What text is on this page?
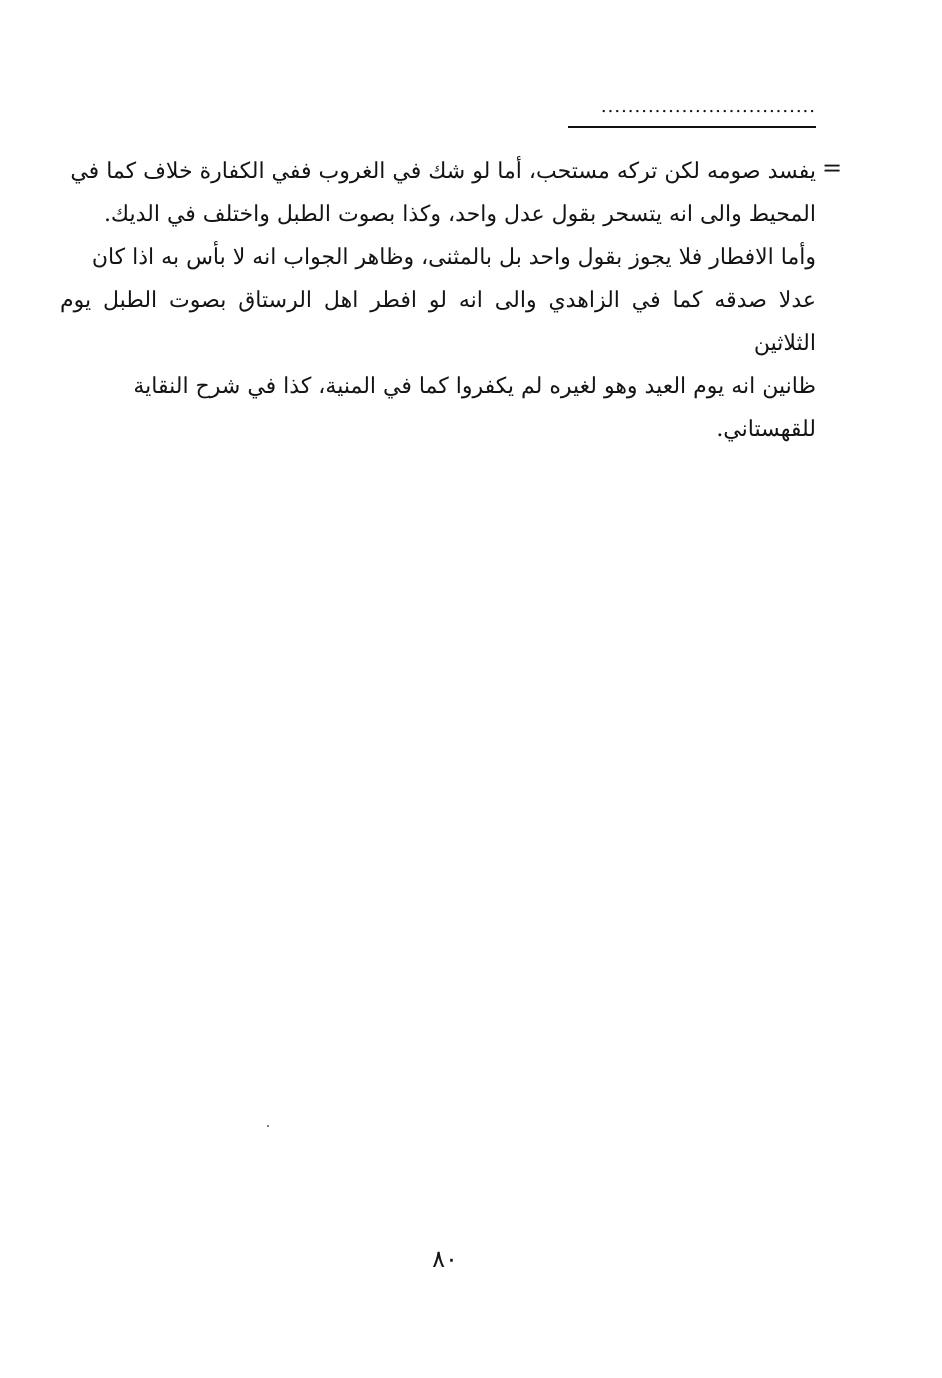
................................
=
يفسد صومه لكن تركه مستحب، أما لو شك في الغروب ففي الكفارة خلاف كما في
المحيط والى انه يتسحر بقول عدل واحد، وكذا بصوت الطبل واختلف في الديك.
وأما الافطار فلا يجوز بقول واحد بل بالمثنى، وظاهر الجواب انه لا بأس به اذا كان
عدلا صدقه كما في الزاهدي والى انه لو افطر اهل الرستاق بصوت الطبل يوم الثلاثين
ظانين انه يوم العيد وهو لغيره لم يكفروا كما في المنية، كذا في شرح النقاية
للقهستاني.
٨٠
